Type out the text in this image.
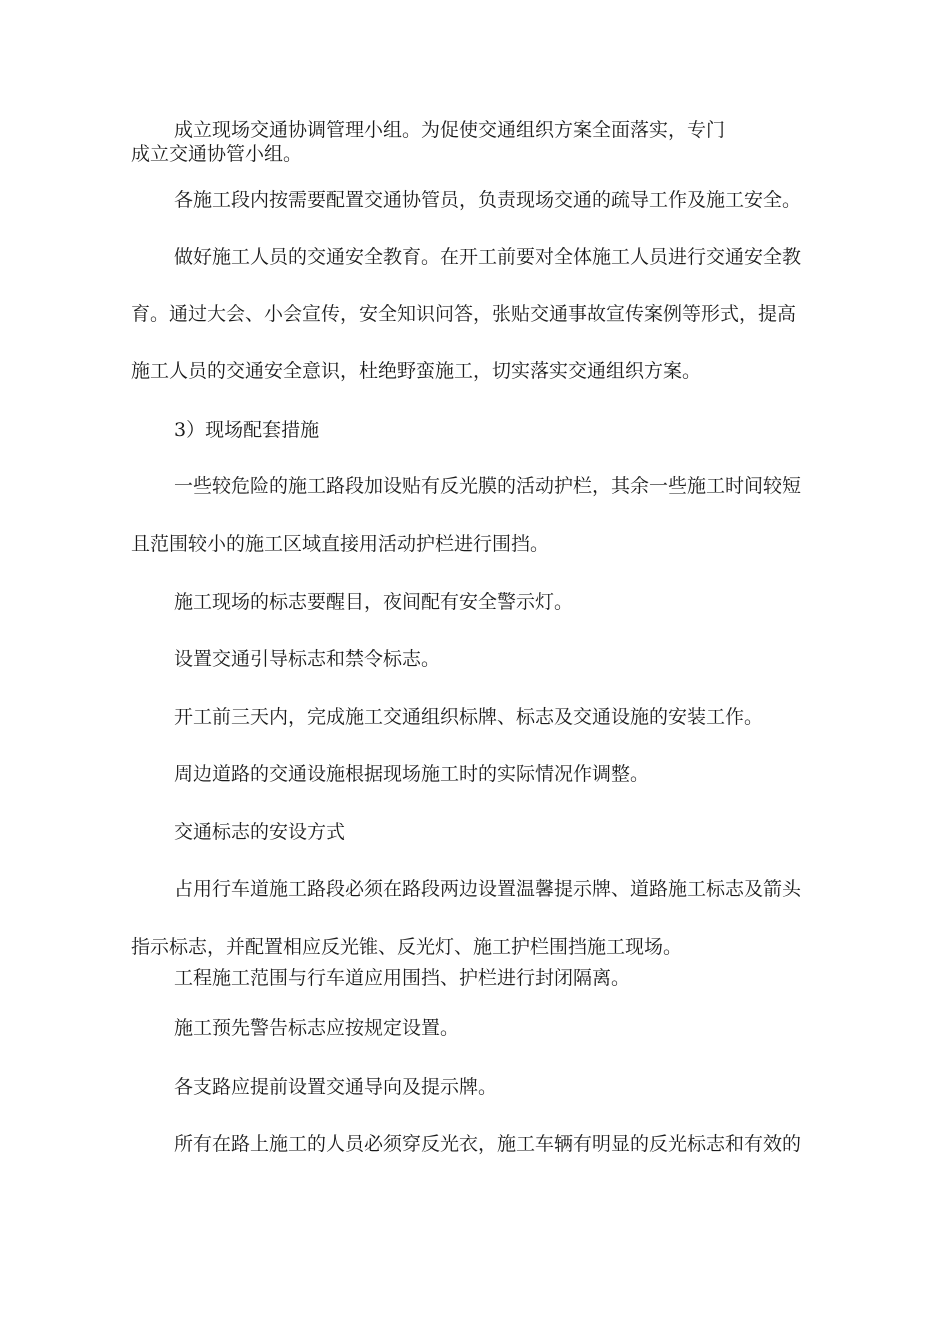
成立现场交通协调管理小组。为促使交通组织方案全面落实，专门

成立交通协管小组。

各施工段内按需要配置交通协管员，负责现场交通的疏导工作及施工安全。

做好施工人员的交通安全教育。在开工前要对全体施工人员进行交通安全教

育。通过大会、小会宣传，安全知识问答，张贴交通事故宣传案例等形式，提高

施工人员的交通安全意识，杜绝野蛮施工，切实落实交通组织方案。

3）现场配套措施

一些较危险的施工路段加设贴有反光膜的活动护栏，其余一些施工时间较短

且范围较小的施工区域直接用活动护栏进行围挡。

施工现场的标志要醒目，夜间配有安全警示灯。

设置交通引导标志和禁令标志。

开工前三天内，完成施工交通组织标牌、标志及交通设施的安装工作。

周边道路的交通设施根据现场施工时的实际情况作调整。

交通标志的安设方式

占用行车道施工路段必须在路段两边设置温馨提示牌、道路施工标志及箭头

指示标志，并配置相应反光锥、反光灯、施工护栏围挡施工现场。

工程施工范围与行车道应用围挡、护栏进行封闭隔离。

施工预先警告标志应按规定设置。

各支路应提前设置交通导向及提示牌。

所有在路上施工的人员必须穿反光衣，施工车辆有明显的反光标志和有效的
